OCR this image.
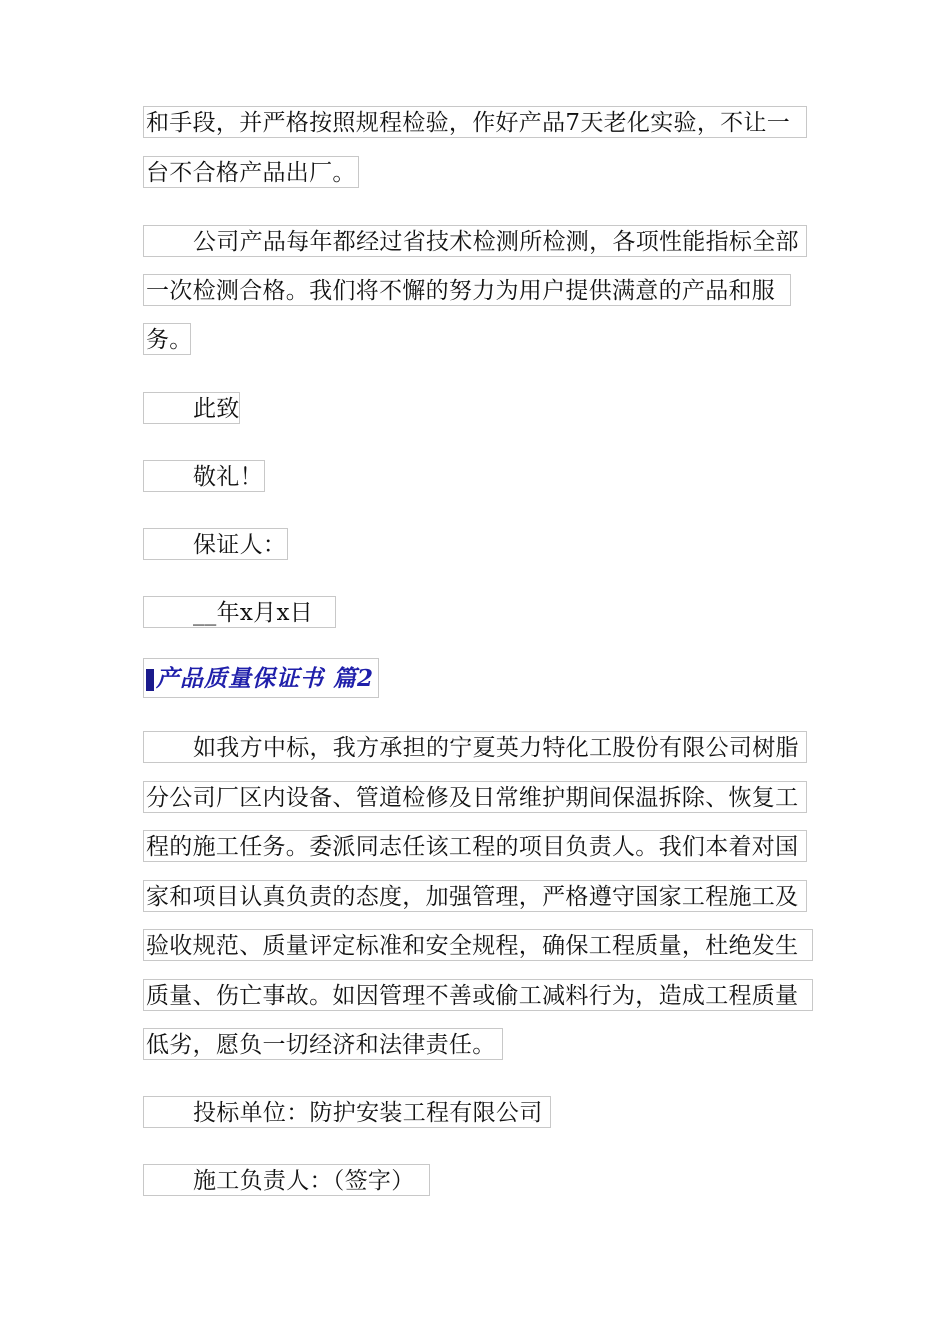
和手段，并严格按照规程检验，作好产品7天老化实验，不让一
台不合格产品出厂。
公司产品每年都经过省技术检测所检测，各项性能指标全部
一次检测合格。我们将不懈的努力为用户提供满意的产品和服
务。
此致
敬礼！
保证人：
__年x月x日
产品质量保证书 篇2
如我方中标，我方承担的宁夏英力特化工股份有限公司树脂
分公司厂区内设备、管道检修及日常维护期间保温拆除、恢复工
程的施工任务。委派同志任该工程的项目负责人。我们本着对国
家和项目认真负责的态度，加强管理，严格遵守国家工程施工及
验收规范、质量评定标准和安全规程，确保工程质量，杜绝发生
质量、伤亡事故。如因管理不善或偷工减料行为，造成工程质量
低劣，愿负一切经济和法律责任。
投标单位：防护安装工程有限公司
施工负责人：（签字）
